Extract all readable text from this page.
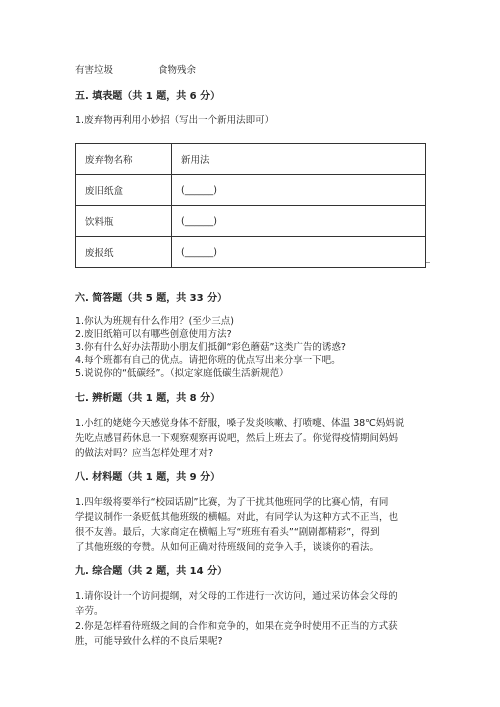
有害垃圾	食物残余
五. 填表题（共 1 题，共 6 分）
1.废弃物再利用小妙招（写出一个新用法即可）
废弃物名称	新用法
废旧纸盒	(______)
饮料瓶	(______)
废报纸	(______)
六. 简答题（共 5 题，共 33 分）
1.你认为班规有什么作用？(至少三点)
2.废旧纸箱可以有哪些创意使用方法?
3.你有什么好办法帮助小朋友们抵御“彩色蘑菇”这类广告的诱惑?
4.每个班都有自己的优点。请把你班的优点写出来分享一下吧。
5.说说你的“低碳经”。（拟定家庭低碳生活新规范）
七. 辨析题（共 1 题，共 8 分）
1.小红的姥姥今天感觉身体不舒服，嗓子发炎咳嗽、打喷嚏、体温 38℃妈妈说
先吃点感冒药休息一下观察观察再说吧，然后上班去了。你觉得疫情期间妈妈
的做法对吗？应当怎样处理才对?
八. 材料题（共 1 题，共 9 分）
1.四年级将要举行“校园话剧”比赛，为了干扰其他班同学的比赛心情，有同
学提议制作一条贬低其他班级的横幅。对此，有同学认为这种方式不正当，也
很不友善。最后，大家商定在横幅上写“班班有看头”“剧剧都精彩”，得到
了其他班级的夸赞。从如何正确对待班级间的竞争入手，谈谈你的看法。
九. 综合题（共 2 题，共 14 分）
1.请你设计一个访问提纲，对父母的工作进行一次访问，通过采访体会父母的
辛劳。
2.你是怎样看待班级之间的合作和竞争的，如果在竞争时使用不正当的方式获
胜，可能导致什么样的不良后果呢?
